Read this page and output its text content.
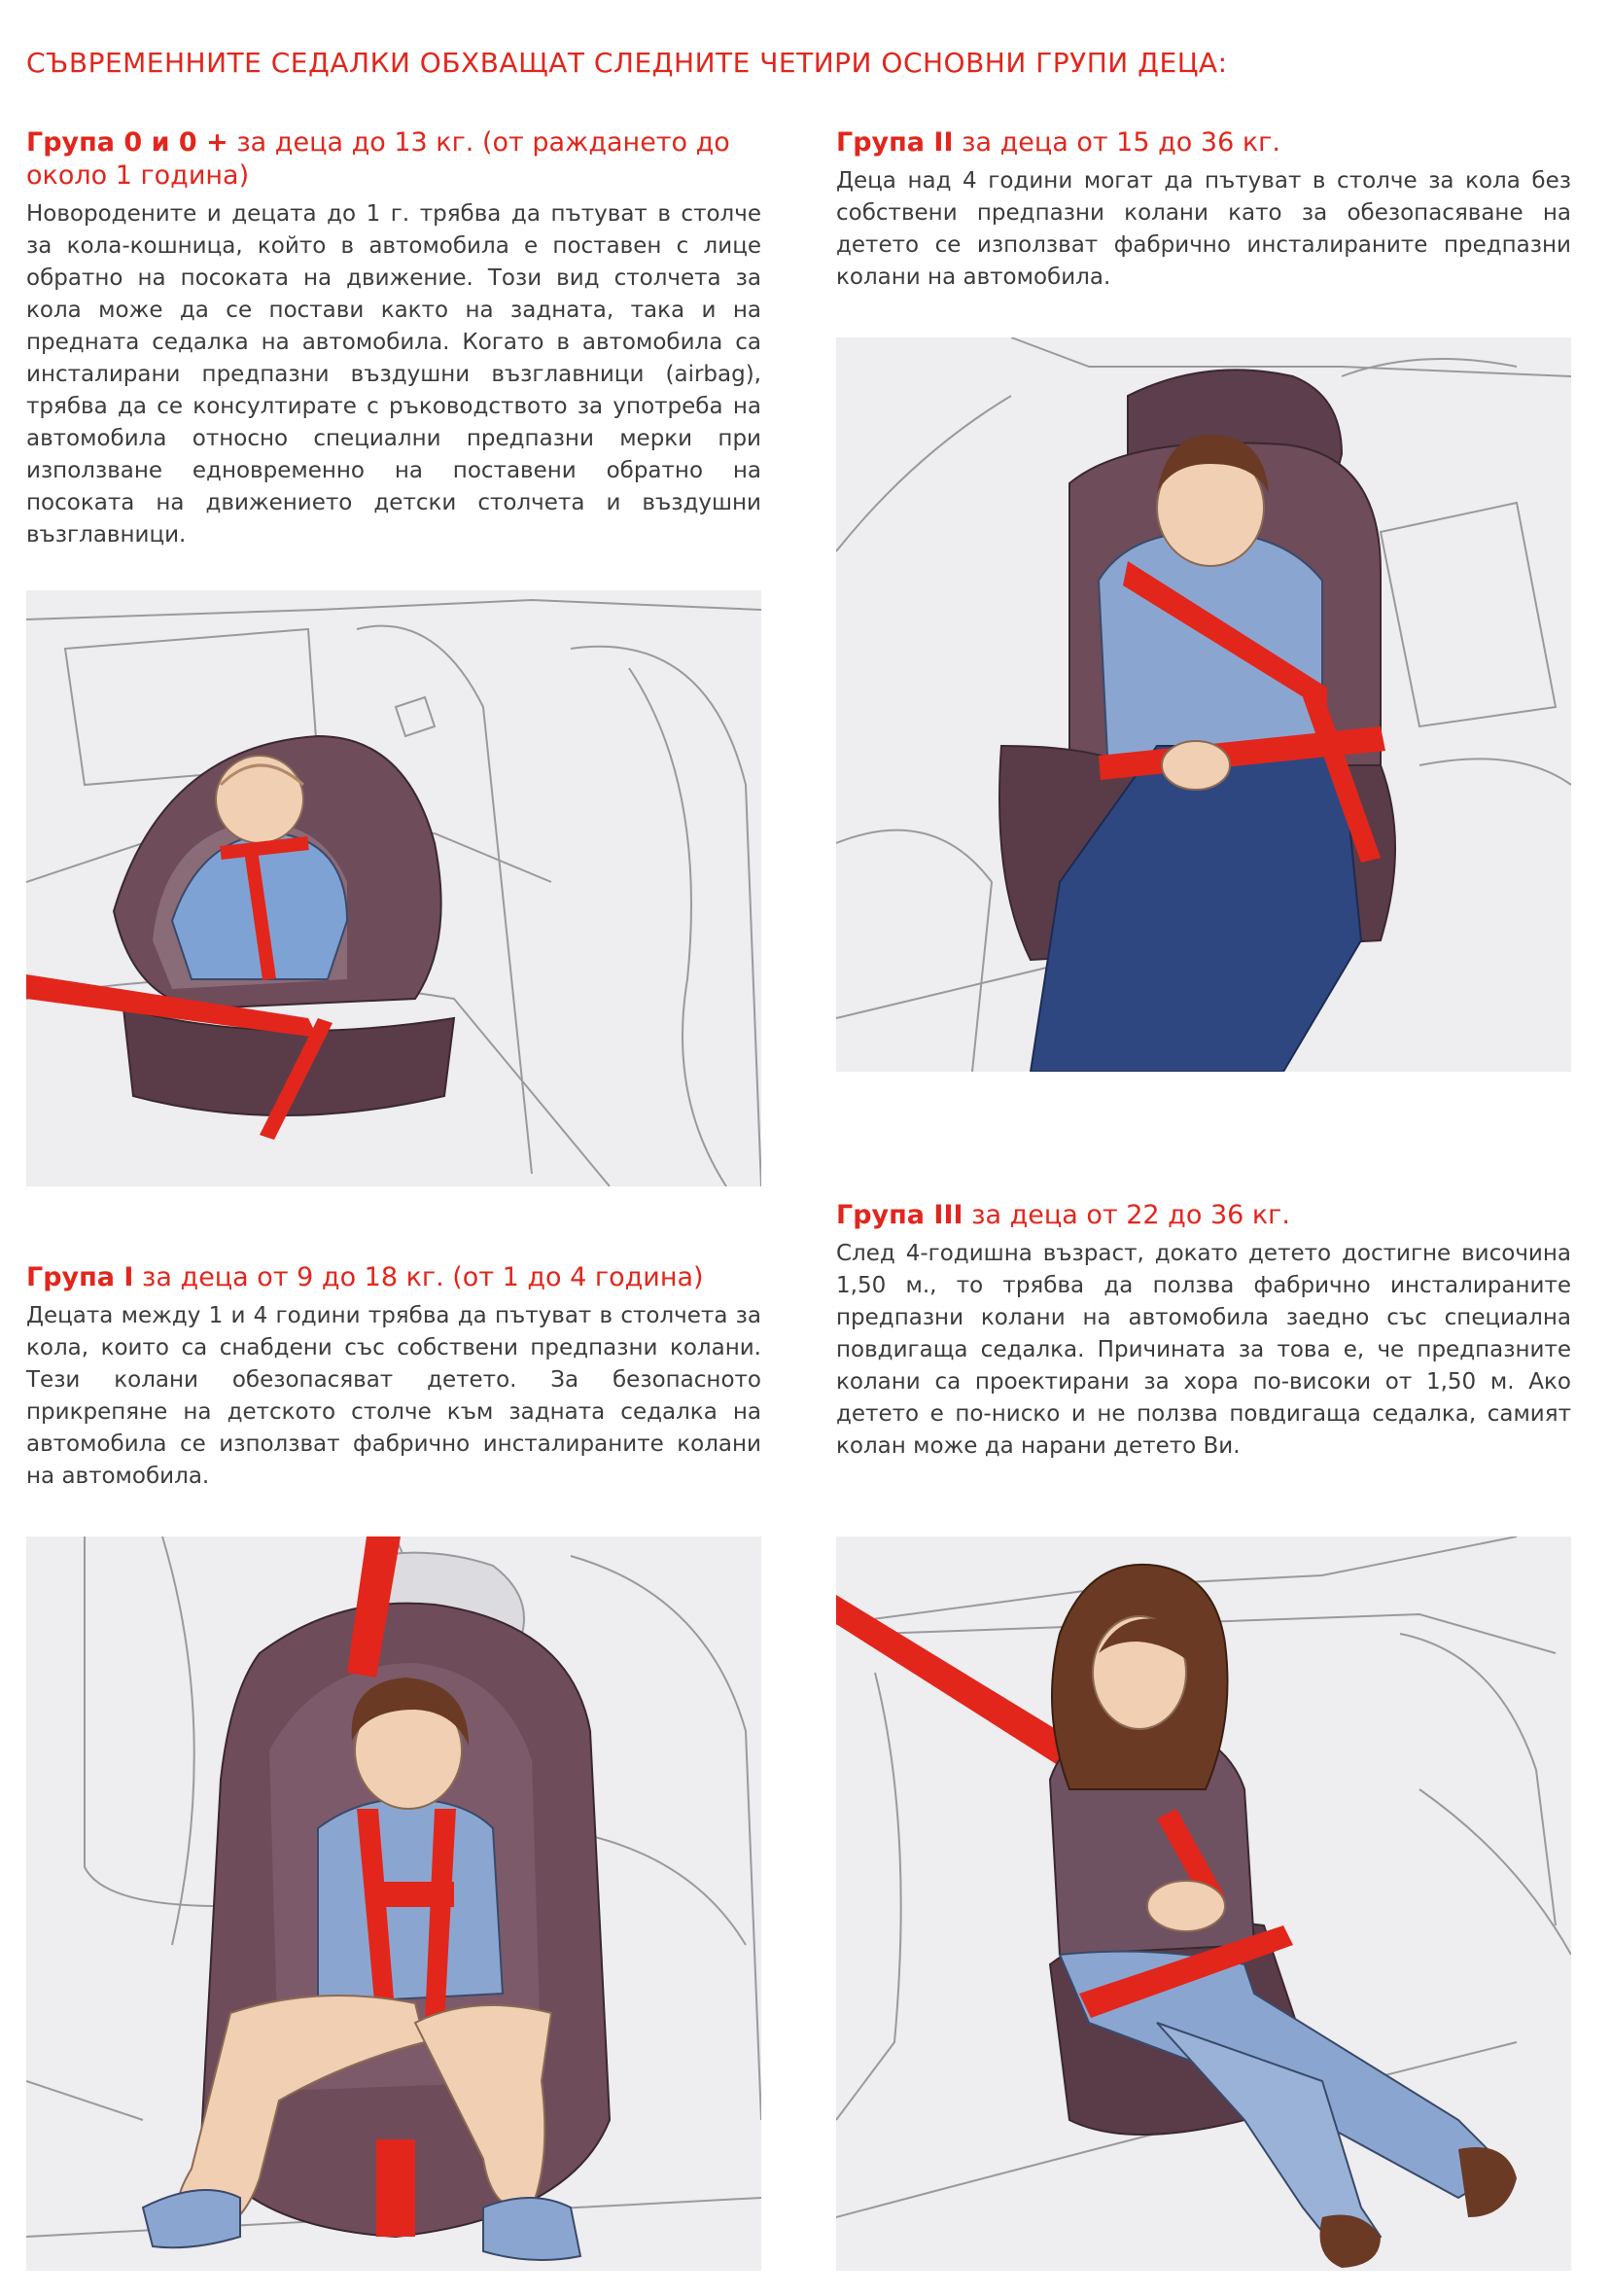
СЪВРЕМЕННИТЕ СЕДАЛКИ ОБХВАЩАТ СЛЕДНИТЕ ЧЕТИРИ ОСНОВНИ ГРУПИ ДЕЦА:
Група 0 и 0 + за деца до 13 кг. (от раждането до около 1 година)

Новородените и децата до 1 г. трябва да пътуват в столче за кола-кошница, който в автомобила е поставен с лице обратно на посоката на движение. Този вид столчета за кола може да се постави както на задната, така и на предната седалка на автомобила. Когато в автомобила са инсталирани предпазни въздушни възглавници (airbag), трябва да се консултирате с ръководството за употреба на автомобила относно специални предпазни мерки при използване едновременно на поставени обратно на посоката на движението детски столчета и въздушни възглавници.

Група II за деца от 15 до 36 кг.

Деца над 4 години могат да пътуват в столче за кола без собствени предпазни колани като за обезопасяване на детето се използват фабрично инсталираните предпазни колани на автомобила.

Група I за деца от 9 до 18 кг. (от 1 до 4 година)

Децата между 1 и 4 години трябва да пътуват в столчета за кола, които са снабдени със собствени предпазни колани. Тези колани обезопасяват детето. За безопасното прикрепяне на детското столче към задната седалка на автомобила се използват фабрично инсталираните колани на автомобила.

Група III за деца от 22 до 36 кг.

След 4-годишна възраст, докато детето достигне височина 1,50 м., то трябва да ползва фабрично инсталираните предпазни колани на автомобила заедно със специална повдигаща седалка. Причината за това е, че предпазните колани са проектирани за хора по-високи от 1,50 м. Ако детето е по-ниско и не ползва повдигаща седалка, самият колан може да нарани детето Ви.
